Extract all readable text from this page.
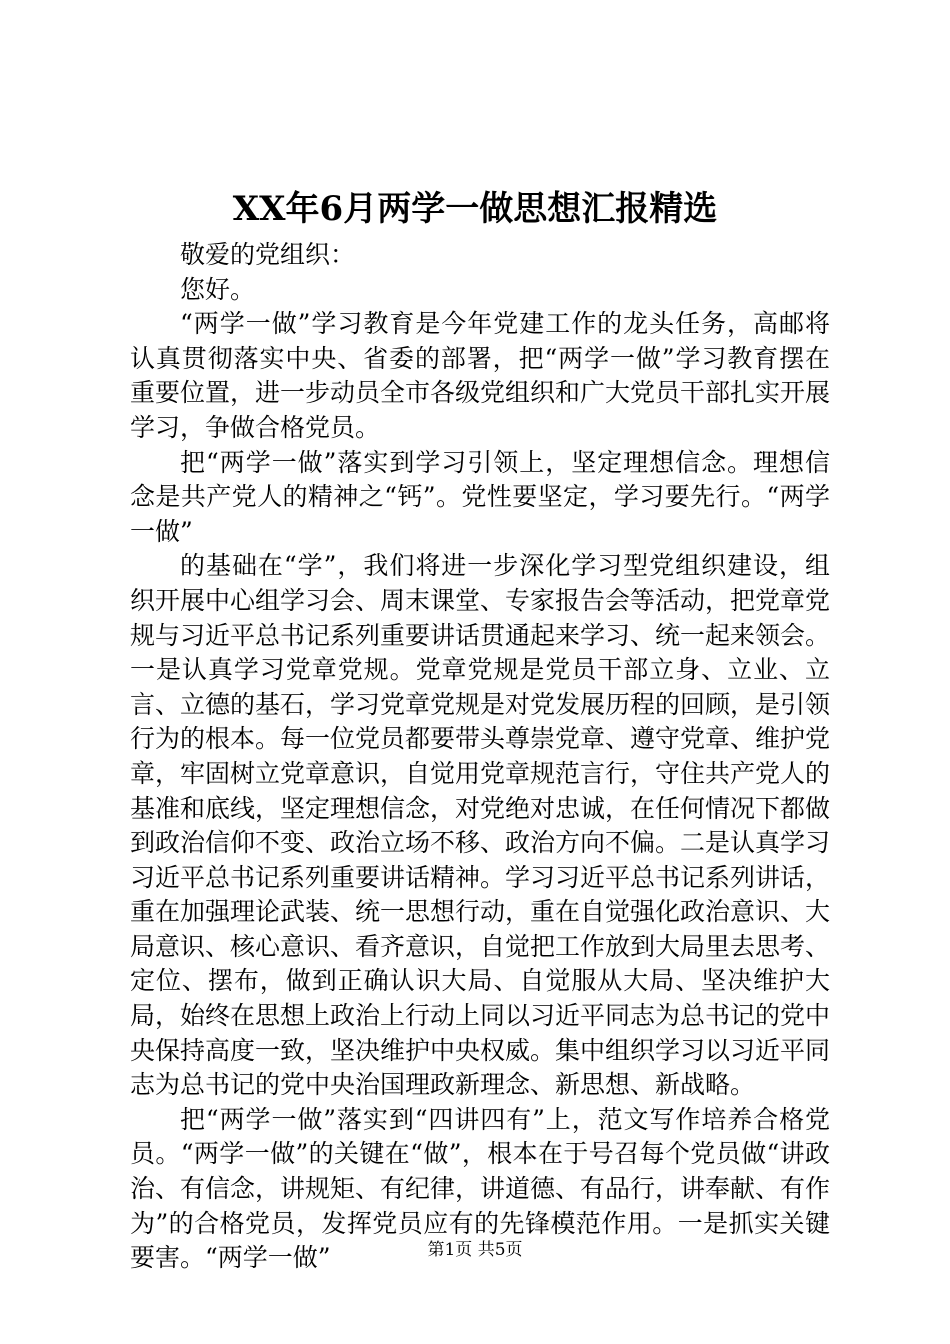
XX年6月两学一做思想汇报精选

敬爱的党组织：

您好。

“两学一做”学习教育是今年党建工作的龙头任务，高邮将认真贯彻落实中央、省委的部署，把“两学一做”学习教育摆在重要位置，进一步动员全市各级党组织和广大党员干部扎实开展学习，争做合格党员。

把“两学一做”落实到学习引领上，坚定理想信念。理想信念是共产党人的精神之“钙”。党性要坚定，学习要先行。“两学一做”

的基础在“学”，我们将进一步深化学习型党组织建设，组织开展中心组学习会、周末课堂、专家报告会等活动，把党章党规与习近平总书记系列重要讲话贯通起来学习、统一起来领会。一是认真学习党章党规。党章党规是党员干部立身、立业、立言、立德的基石，学习党章党规是对党发展历程的回顾，是引领行为的根本。每一位党员都要带头尊崇党章、遵守党章、维护党章，牢固树立党章意识，自觉用党章规范言行，守住共产党人的基准和底线，坚定理想信念，对党绝对忠诚，在任何情况下都做到政治信仰不变、政治立场不移、政治方向不偏。二是认真学习习近平总书记系列重要讲话精神。学习习近平总书记系列讲话，重在加强理论武装、统一思想行动，重在自觉强化政治意识、大局意识、核心意识、看齐意识，自觉把工作放到大局里去思考、定位、摆布，做到正确认识大局、自觉服从大局、坚决维护大局，始终在思想上政治上行动上同以习近平同志为总书记的党中央保持高度一致，坚决维护中央权威。集中组织学习以习近平同志为总书记的党中央治国理政新理念、新思想、新战略。

把“两学一做”落实到“四讲四有”上，范文写作培养合格党员。“两学一做”的关键在“做”，根本在于号召每个党员做“讲政治、有信念，讲规矩、有纪律，讲道德、有品行，讲奉献、有作为”的合格党员，发挥党员应有的先锋模范作用。一是抓实关键要害。“两学一做”	第1页 共5页
